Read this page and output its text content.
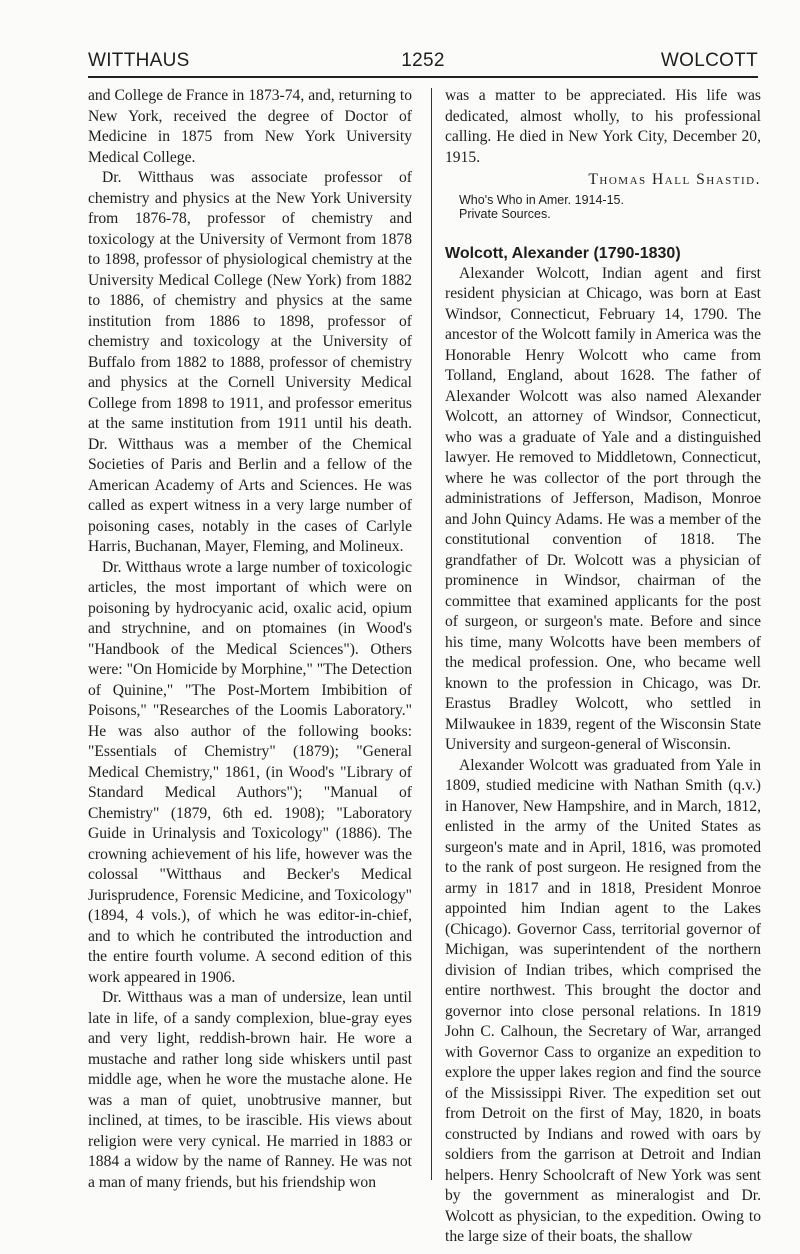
WITTHAUS	1252	WOLCOTT

and College de France in 1873-74, and, returning to New York, received the degree of Doctor of Medicine in 1875 from New York University Medical College.

Dr. Witthaus was associate professor of chemistry and physics at the New York University from 1876-78, professor of chemistry and toxicology at the University of Vermont from 1878 to 1898, professor of physiological chemistry at the University Medical College (New York) from 1882 to 1886, of chemistry and physics at the same institution from 1886 to 1898, professor of chemistry and toxicology at the University of Buffalo from 1882 to 1888, professor of chemistry and physics at the Cornell University Medical College from 1898 to 1911, and professor emeritus at the same institution from 1911 until his death. Dr. Witthaus was a member of the Chemical Societies of Paris and Berlin and a fellow of the American Academy of Arts and Sciences. He was called as expert witness in a very large number of poisoning cases, notably in the cases of Carlyle Harris, Buchanan, Mayer, Fleming, and Molineux.

Dr. Witthaus wrote a large number of toxicologic articles, the most important of which were on poisoning by hydrocyanic acid, oxalic acid, opium and strychnine, and on ptomaines (in Wood's "Handbook of the Medical Sciences"). Others were: "On Homicide by Morphine," "The Detection of Quinine," "The Post-Mortem Imbibition of Poisons," "Researches of the Loomis Laboratory." He was also author of the following books: "Essentials of Chemistry" (1879); "General Medical Chemistry," 1861, (in Wood's "Library of Standard Medical Authors"); "Manual of Chemistry" (1879, 6th ed. 1908); "Laboratory Guide in Urinalysis and Toxicology" (1886). The crowning achievement of his life, however was the colossal "Witthaus and Becker's Medical Jurisprudence, Forensic Medicine, and Toxicology" (1894, 4 vols.), of which he was editor-in-chief, and to which he contributed the introduction and the entire fourth volume. A second edition of this work appeared in 1906.

Dr. Witthaus was a man of undersize, lean until late in life, of a sandy complexion, blue-gray eyes and very light, reddish-brown hair. He wore a mustache and rather long side whiskers until past middle age, when he wore the mustache alone. He was a man of quiet, unobtrusive manner, but inclined, at times, to be irascible. His views about religion were very cynical. He married in 1883 or 1884 a widow by the name of Ranney. He was not a man of many friends, but his friendship won

was a matter to be appreciated. His life was dedicated, almost wholly, to his professional calling. He died in New York City, December 20, 1915.

Thomas Hall Shastid.
Who's Who in Amer. 1914-15.
Private Sources.
Wolcott, Alexander (1790-1830)

Alexander Wolcott, Indian agent and first resident physician at Chicago, was born at East Windsor, Connecticut, February 14, 1790. The ancestor of the Wolcott family in America was the Honorable Henry Wolcott who came from Tolland, England, about 1628. The father of Alexander Wolcott was also named Alexander Wolcott, an attorney of Windsor, Connecticut, who was a graduate of Yale and a distinguished lawyer. He removed to Middletown, Connecticut, where he was collector of the port through the administrations of Jefferson, Madison, Monroe and John Quincy Adams. He was a member of the constitutional convention of 1818. The grandfather of Dr. Wolcott was a physician of prominence in Windsor, chairman of the committee that examined applicants for the post of surgeon, or surgeon's mate. Before and since his time, many Wolcotts have been members of the medical profession. One, who became well known to the profession in Chicago, was Dr. Erastus Bradley Wolcott, who settled in Milwaukee in 1839, regent of the Wisconsin State University and surgeon-general of Wisconsin.

Alexander Wolcott was graduated from Yale in 1809, studied medicine with Nathan Smith (q.v.) in Hanover, New Hampshire, and in March, 1812, enlisted in the army of the United States as surgeon's mate and in April, 1816, was promoted to the rank of post surgeon. He resigned from the army in 1817 and in 1818, President Monroe appointed him Indian agent to the Lakes (Chicago). Governor Cass, territorial governor of Michigan, was superintendent of the northern division of Indian tribes, which comprised the entire northwest. This brought the doctor and governor into close personal relations. In 1819 John C. Calhoun, the Secretary of War, arranged with Governor Cass to organize an expedition to explore the upper lakes region and find the source of the Mississippi River. The expedition set out from Detroit on the first of May, 1820, in boats constructed by Indians and rowed with oars by soldiers from the garrison at Detroit and Indian helpers. Henry Schoolcraft of New York was sent by the government as mineralogist and Dr. Wolcott as physician, to the expedition. Owing to the large size of their boats, the shallow
